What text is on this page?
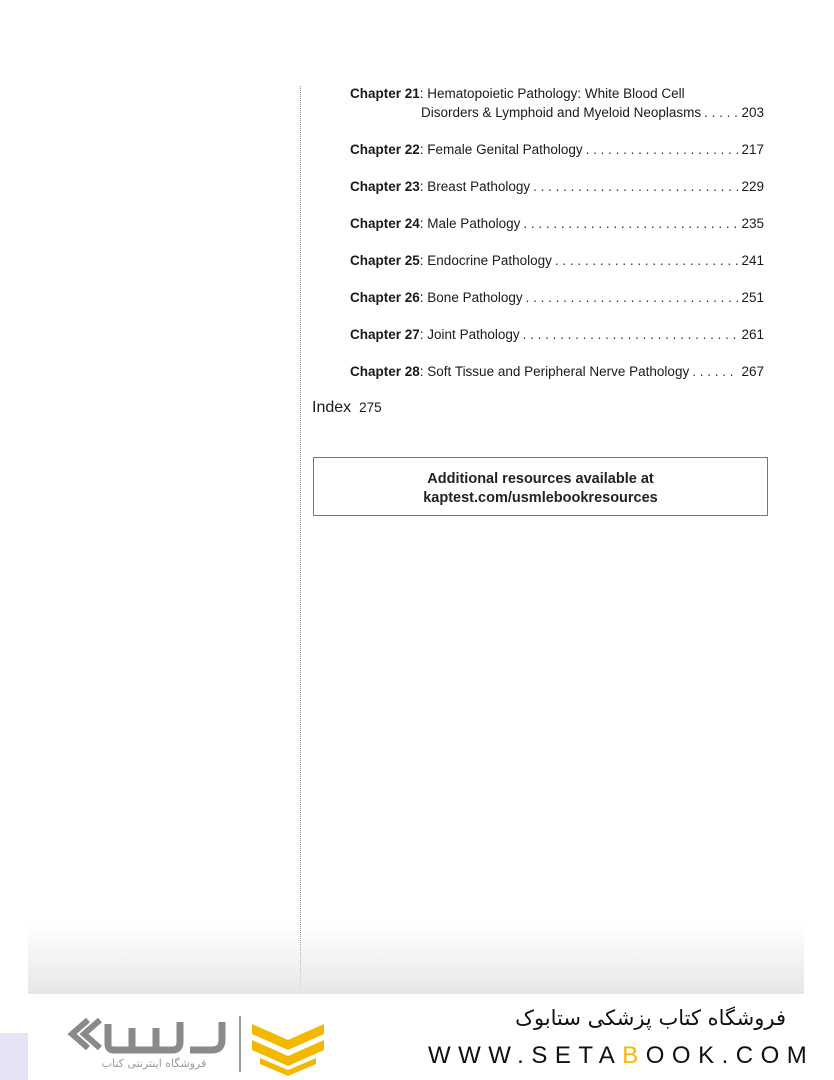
Chapter 21 : Hematopoietic Pathology: White Blood Cell
Disorders & Lymphoid and Myeloid Neoplasms . . .	203
Chapter 22 : Female Genital Pathology . . .	217
Chapter 23 : Breast Pathology . . .	229
Chapter 24 : Male Pathology . . .	235
Chapter 25 : Endocrine Pathology . . .	241
Chapter 26 : Bone Pathology . . .	251
Chapter 27 : Joint Pathology . . .	261
Chapter 28 : Soft Tissue and Peripheral Nerve Pathology . . .	267
Index 275
Additional resources available at
kaptest.com/usmlebookresources
فروشگاه اینترنتی کتاب
فروشگاه کتاب پزشکی ستابوک
WWW.SETABOOK.COM
